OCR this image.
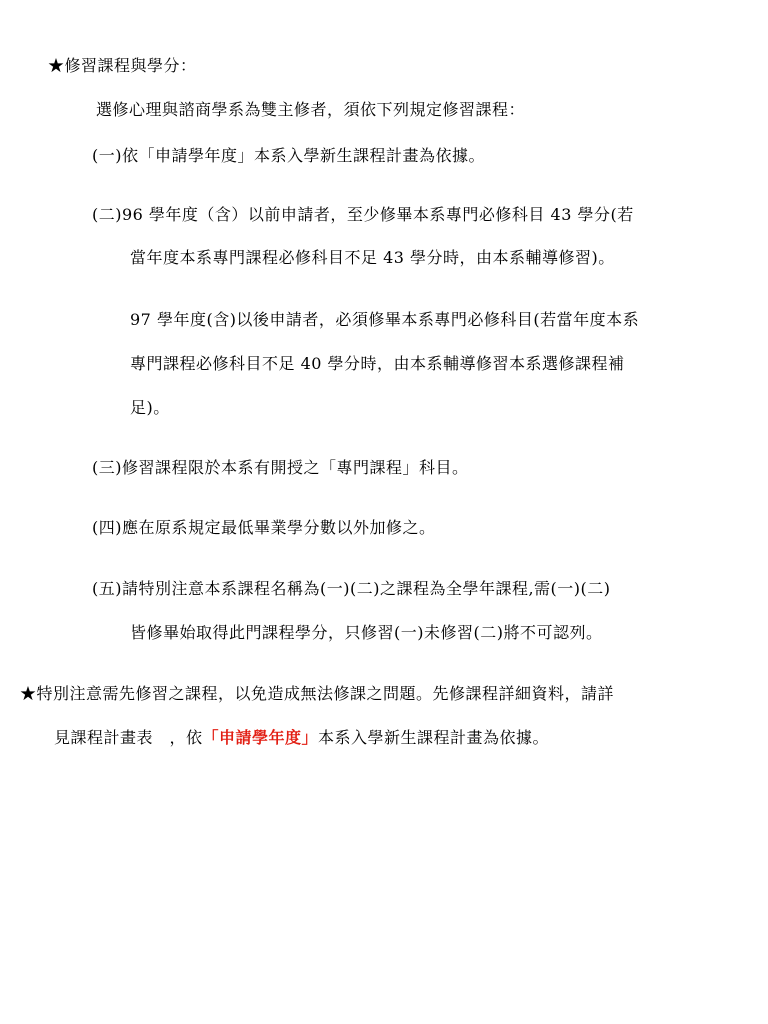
★修習課程與學分：
選修心理與諮商學系為雙主修者，須依下列規定修習課程：
(一)依「申請學年度」本系入學新生課程計畫為依據。
(二)96 學年度（含）以前申請者，至少修畢本系專門必修科目 43 學分(若
當年度本系專門課程必修科目不足 43 學分時，由本系輔導修習)。
97 學年度(含)以後申請者，必須修畢本系專門必修科目(若當年度本系
專門課程必修科目不足 40 學分時，由本系輔導修習本系選修課程補
足)。
(三)修習課程限於本系有開授之「專門課程」科目。
(四)應在原系規定最低畢業學分數以外加修之。
(五)請特別注意本系課程名稱為(一)(二)之課程為全學年課程,需(一)(二)
皆修畢始取得此門課程學分，只修習(一)未修習(二)將不可認列。
★特別注意需先修習之課程，以免造成無法修課之問題。先修課程詳細資料，請詳
見課程計畫表　，依「申請學年度」本系入學新生課程計畫為依據。
